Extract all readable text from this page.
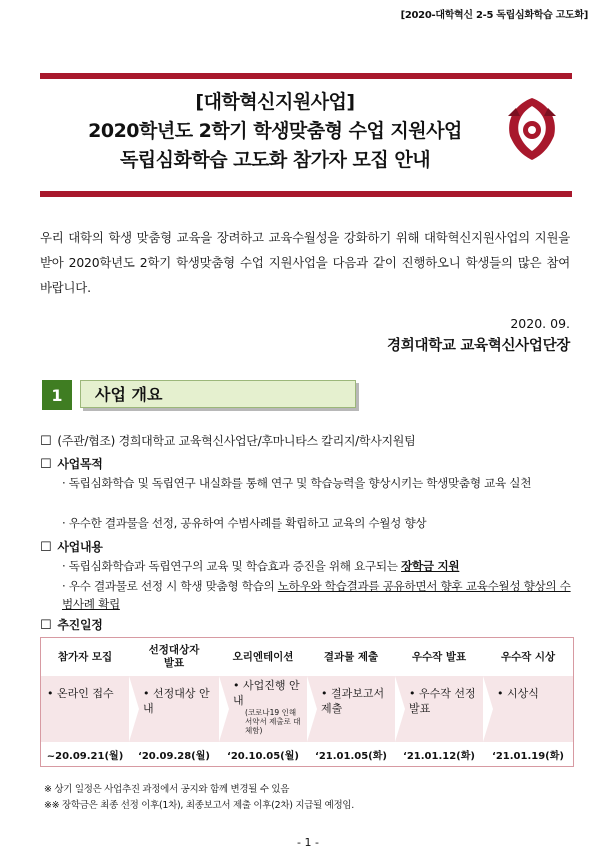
[2020-대학혁신 2-5 독립심화학습 고도화]
[대학혁신지원사업]
2020학년도 2학기 학생맞춤형 수업 지원사업
독립심화학습 고도화 참가자 모집 안내
우리 대학의 학생 맞춤형 교육을 장려하고 교육수월성을 강화하기 위해 대학혁신지원사업의 지원을 받아 2020학년도 2학기 학생맞춤형 수업 지원사업을 다음과 같이 진행하오니 학생들의 많은 참여 바랍니다.
2020. 09.
경희대학교 교육혁신사업단장
1	사업 개요
☐ (주관/협조) 경희대학교 교육혁신사업단/후마니타스 칼리지/학사지원팀
☐ 사업목적
· 독립심화학습 및 독립연구 내실화를 통해 연구 및 학습능력을 향상시키는 학생맞춤형 교육 실천
· 우수한 결과물을 선정, 공유하여 수범사례를 확립하고 교육의 수월성 향상
☐ 사업내용
· 독립심화학습과 독립연구의 교육 및 학습효과 증진을 위해 요구되는 장학금 지원
· 우수 결과물로 선정 시 학생 맞춤형 학습의 노하우와 학습결과를 공유하면서 향후 교육수월성 향상의 수범사례 확립
☐ 추진일정
참가자 모집
• 온라인 접수
~20.09.21(월)
선정대상자 발표
• 선정대상 안내
‘20.09.28(월)
오리엔테이션
• 사업진행 안내
(코로나19 인해 서약서 제출로 대체함)
‘20.10.05(월)
결과물 제출
• 결과보고서 제출
‘21.01.05(화)
우수작 발표
• 우수작 선정 발표
‘21.01.12(화)
우수작 시상
• 시상식
‘21.01.19(화)
※ 상기 일정은 사업추진 과정에서 공지와 함께 변경될 수 있음
※※ 장학금은 최종 선정 이후(1차), 최종보고서 제출 이후(2차) 지급될 예정임.
- 1 -
